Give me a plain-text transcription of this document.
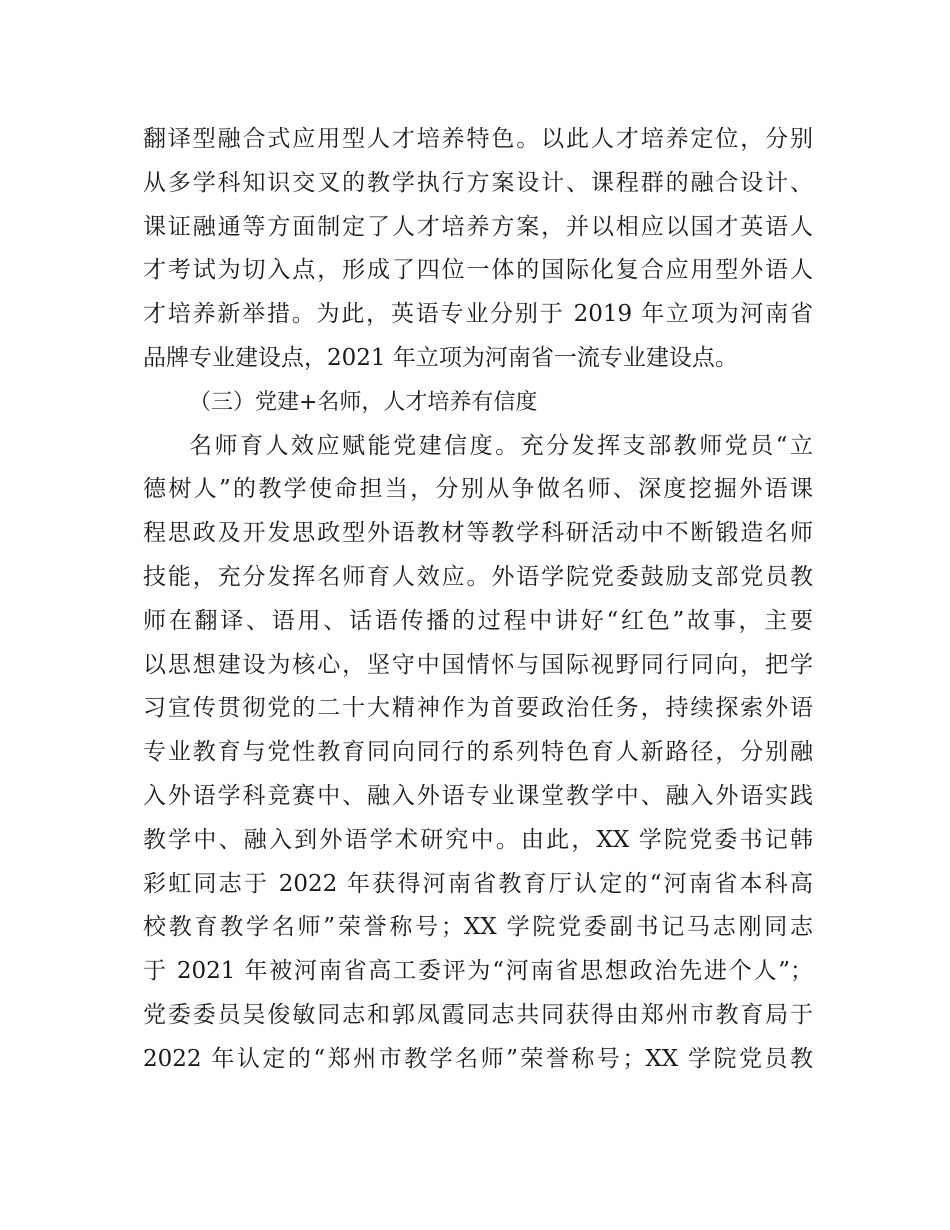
翻译型融合式应用型人才培养特色。以此人才培养定位，分别
从多学科知识交叉的教学执行方案设计、课程群的融合设计、
课证融通等方面制定了人才培养方案，并以相应以国才英语人
才考试为切入点，形成了四位一体的国际化复合应用型外语人
才培养新举措。为此，英语专业分别于 2019 年立项为河南省
品牌专业建设点，2021 年立项为河南省一流专业建设点。
（三）党建+名师，人才培养有信度
名师育人效应赋能党建信度。充分发挥支部教师党员“立
德树人”的教学使命担当，分别从争做名师、深度挖掘外语课
程思政及开发思政型外语教材等教学科研活动中不断锻造名师
技能，充分发挥名师育人效应。外语学院党委鼓励支部党员教
师在翻译、语用、话语传播的过程中讲好“红色”故事，主要
以思想建设为核心，坚守中国情怀与国际视野同行同向，把学
习宣传贯彻党的二十大精神作为首要政治任务，持续探索外语
专业教育与党性教育同向同行的系列特色育人新路径，分别融
入外语学科竞赛中、融入外语专业课堂教学中、融入外语实践
教学中、融入到外语学术研究中。由此，XX 学院党委书记韩
彩虹同志于 2022 年获得河南省教育厅认定的“河南省本科高
校教育教学名师”荣誉称号；XX 学院党委副书记马志刚同志
于 2021 年被河南省高工委评为“河南省思想政治先进个人”；
党委委员吴俊敏同志和郭凤霞同志共同获得由郑州市教育局于
2022 年认定的“郑州市教学名师”荣誉称号；XX 学院党员教
